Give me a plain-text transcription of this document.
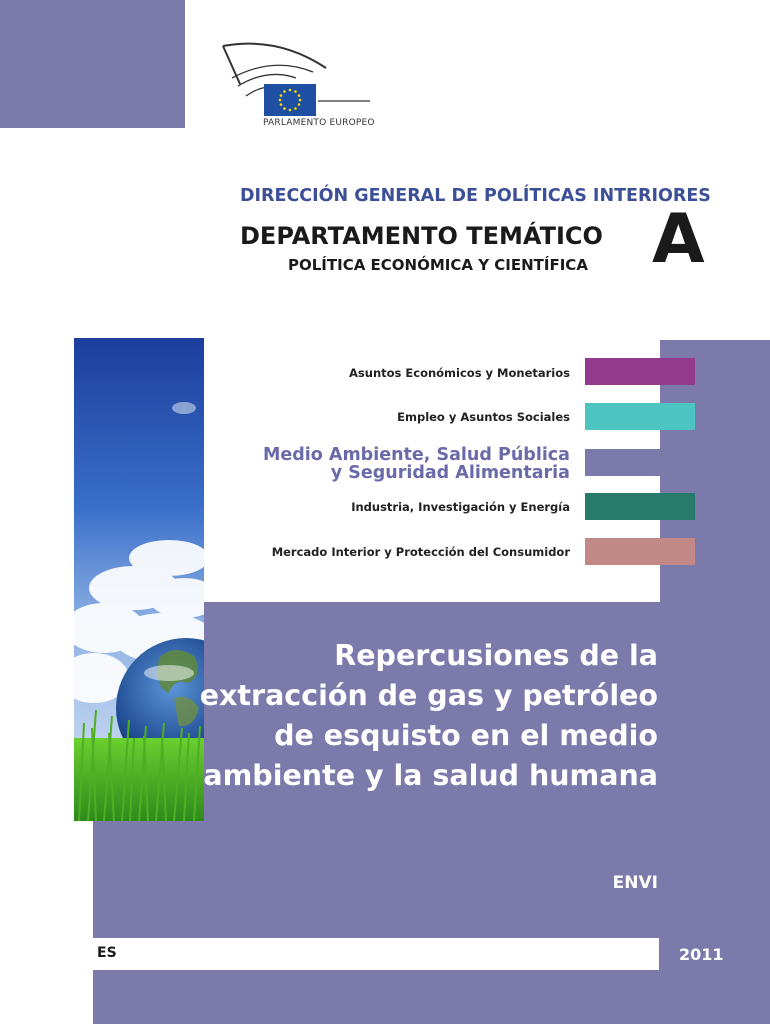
PARLAMENTO EUROPEO
DIRECCIÓN GENERAL DE POLÍTICAS INTERIORES
DEPARTAMENTO TEMÁTICO
POLÍTICA ECONÓMICA Y CIENTÍFICA A
Asuntos Económicos y Monetarios
Empleo y Asuntos Sociales
Medio Ambiente, Salud Pública
y Seguridad Alimentaria
Industria, Investigación y Energía
Mercado Interior y Protección del Consumidor
Repercusiones de la
extracción de gas y petróleo
de esquisto en el medio
ambiente y la salud humana
ENVI
ES	2011
